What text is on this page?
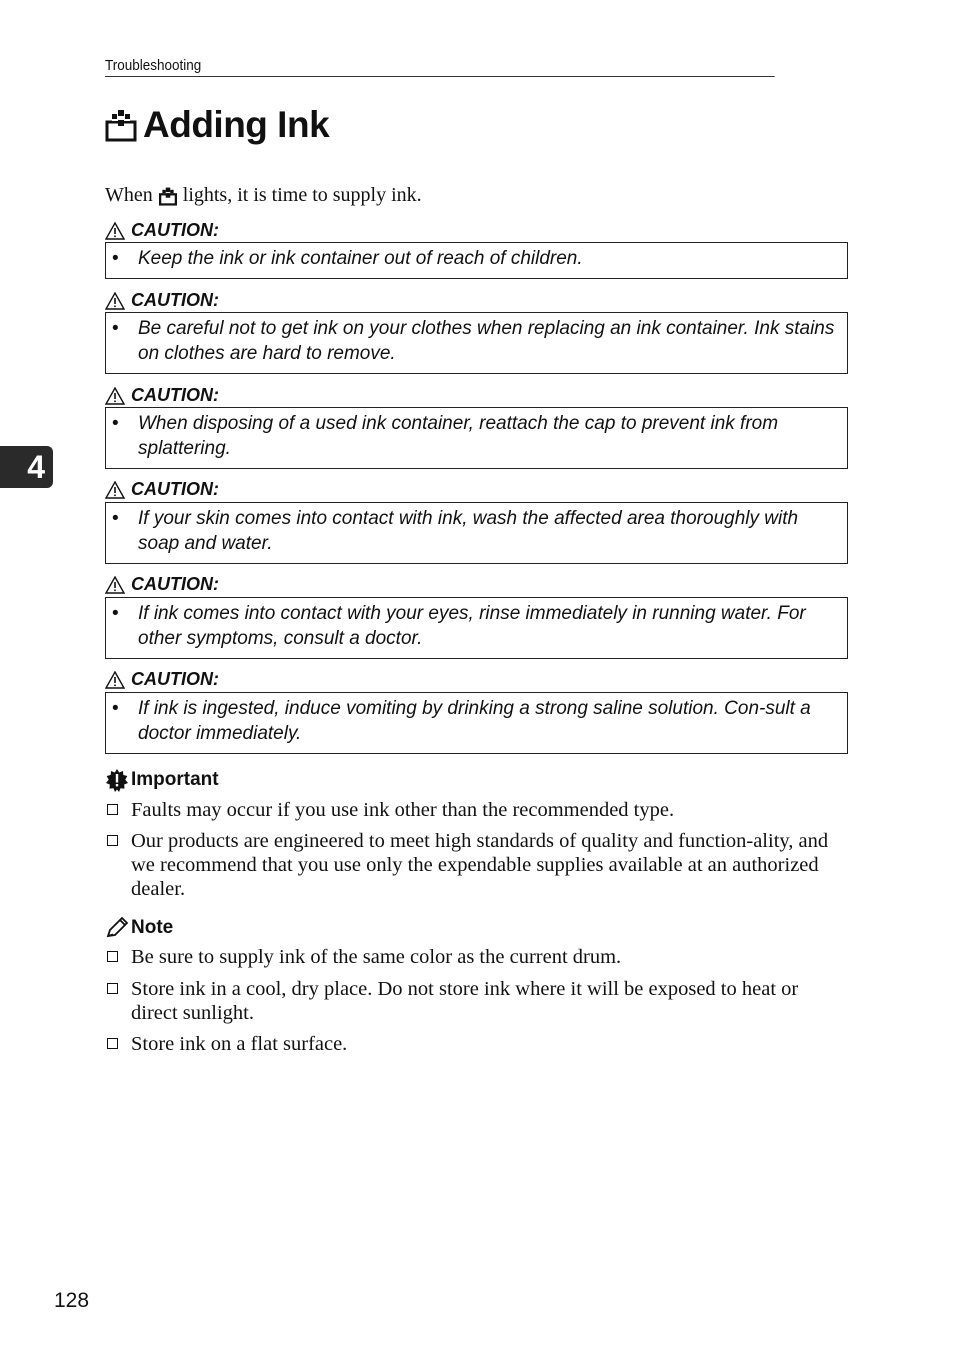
Troubleshooting
Adding Ink
When lights, it is time to supply ink.
CAUTION:
• Keep the ink or ink container out of reach of children.
CAUTION:
• Be careful not to get ink on your clothes when replacing an ink container. Ink stains on clothes are hard to remove.
CAUTION:
• When disposing of a used ink container, reattach the cap to prevent ink from splattering.
CAUTION:
• If your skin comes into contact with ink, wash the affected area thoroughly with soap and water.
CAUTION:
• If ink comes into contact with your eyes, rinse immediately in running water. For other symptoms, consult a doctor.
CAUTION:
• If ink is ingested, induce vomiting by drinking a strong saline solution. Con-sult a doctor immediately.
Important
Faults may occur if you use ink other than the recommended type.
Our products are engineered to meet high standards of quality and function-ality, and we recommend that you use only the expendable supplies available at an authorized dealer.
Note
Be sure to supply ink of the same color as the current drum.
Store ink in a cool, dry place. Do not store ink where it will be exposed to heat or direct sunlight.
Store ink on a flat surface.
4
128
